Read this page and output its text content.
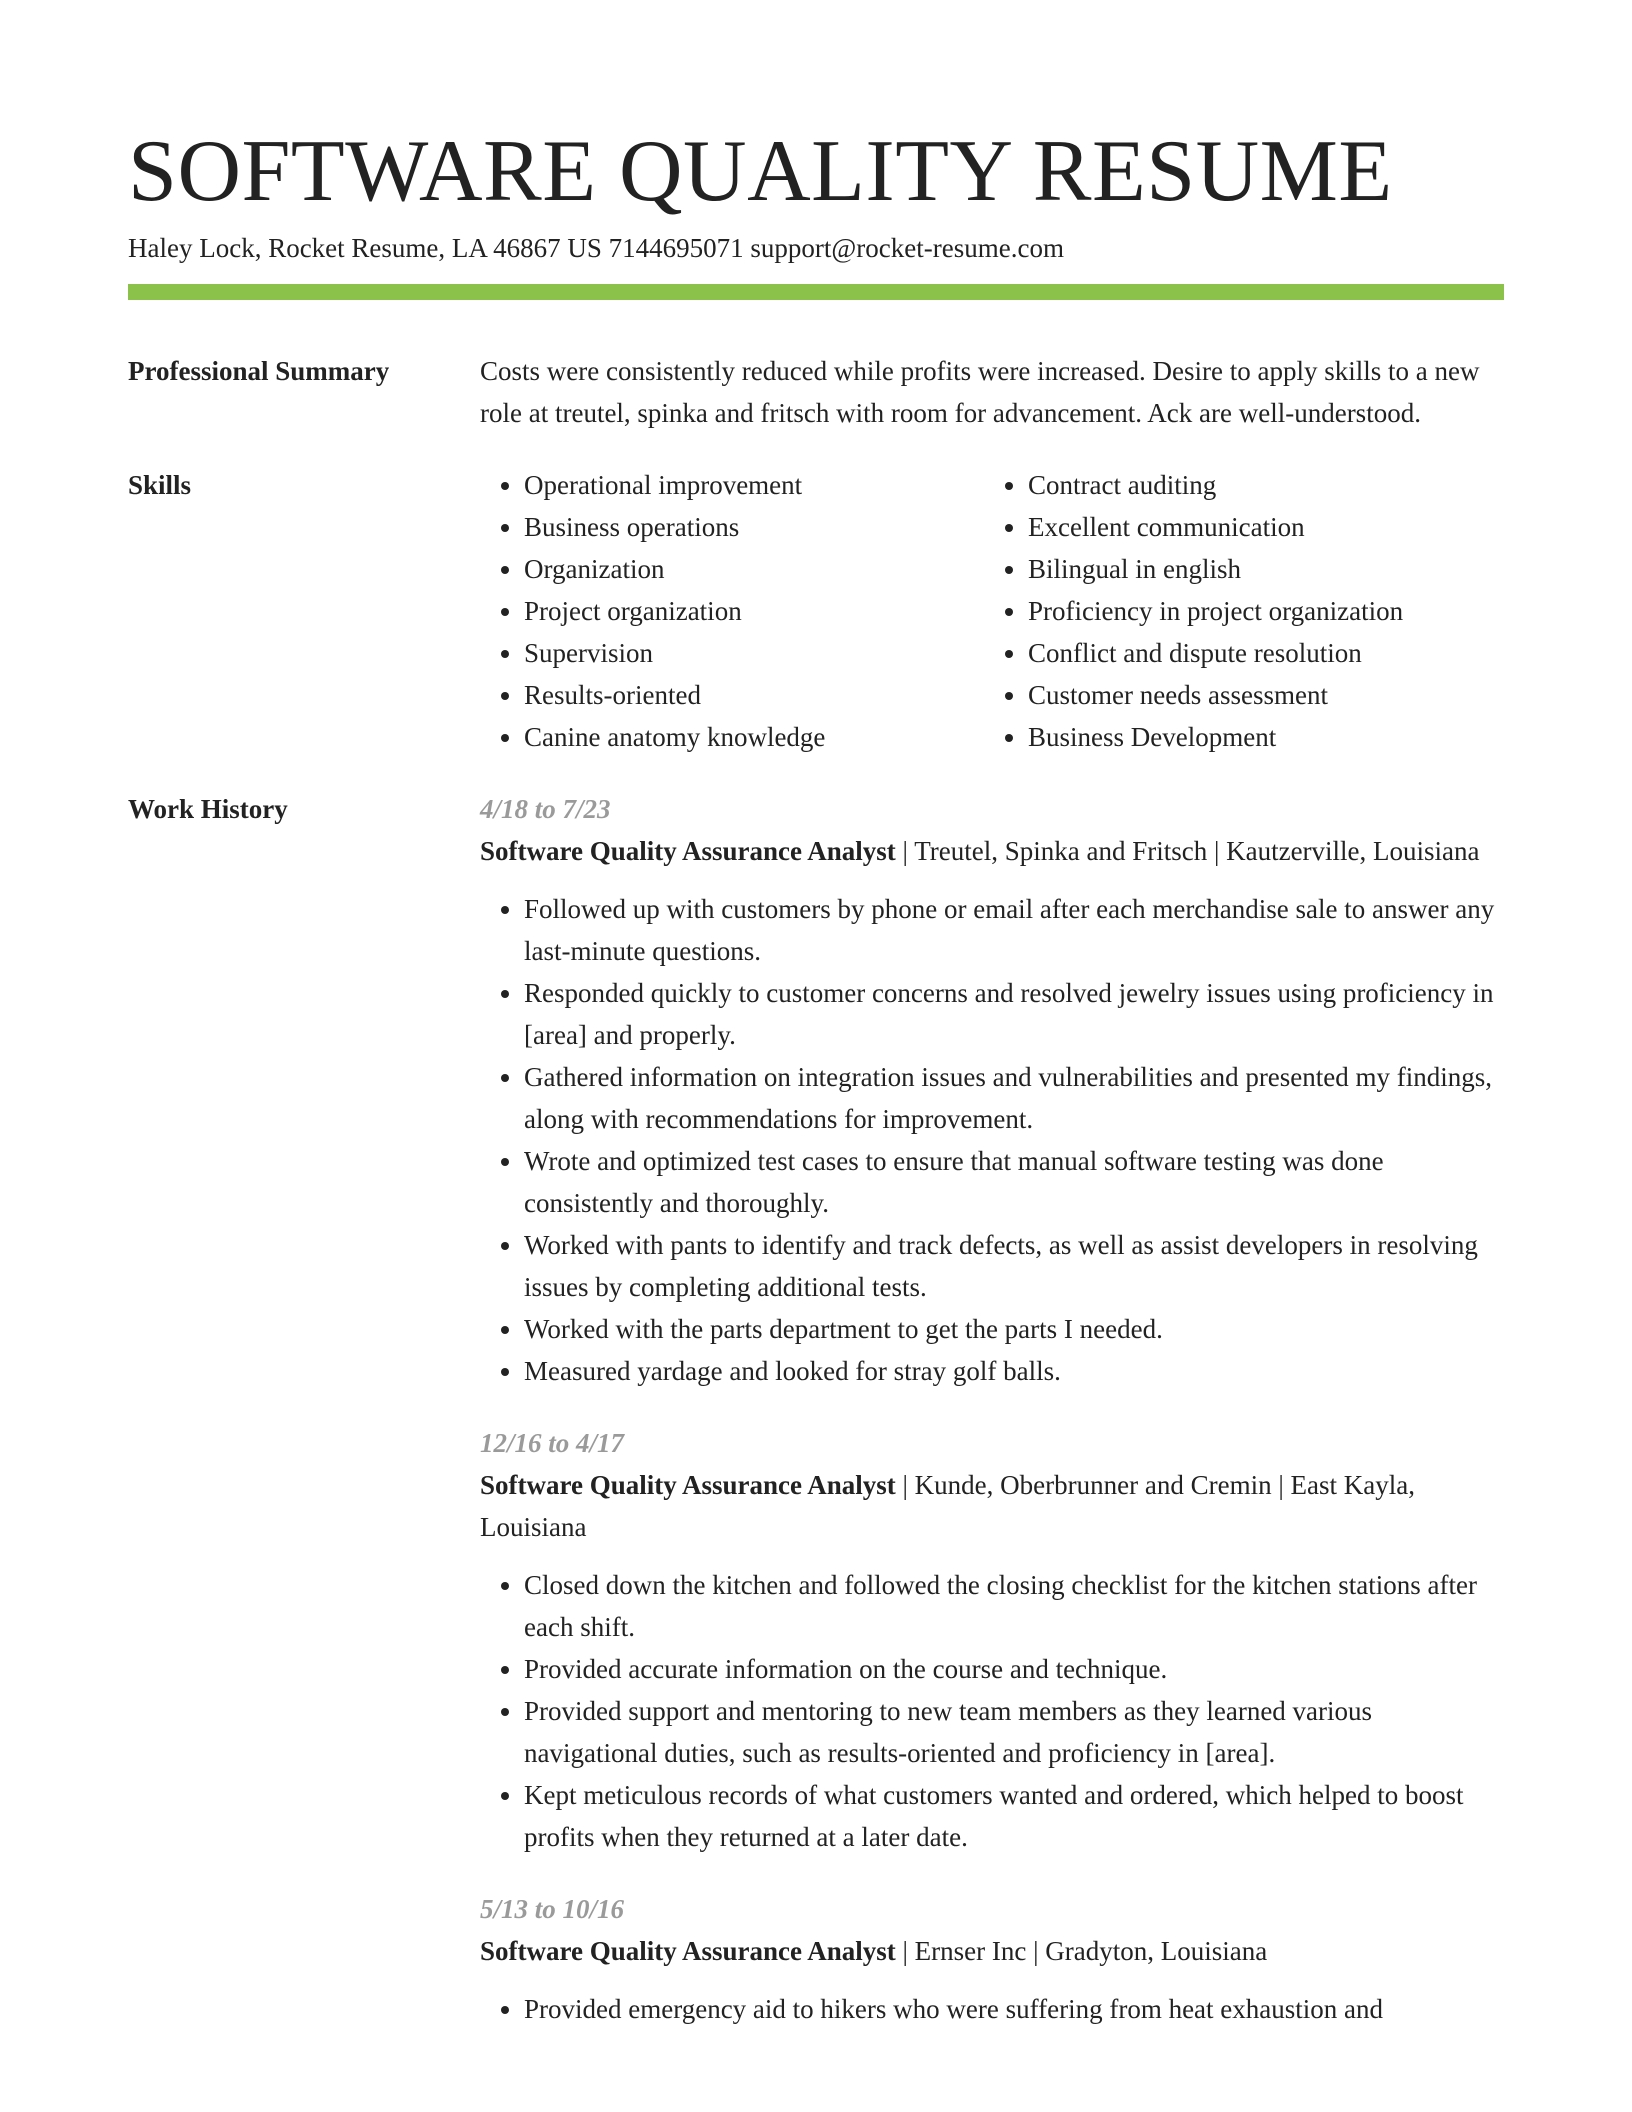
SOFTWARE QUALITY RESUME
Haley Lock, Rocket Resume, LA 46867 US 7144695071 support@rocket-resume.com
Professional Summary	Costs were consistently reduced while profits were increased. Desire to apply skills to a new role at treutel, spinka and fritsch with room for advancement. Ack are well-understood.
Skills
•	Operational improvement
• Business operations
• Organization
• Project organization
• Supervision
• Results-oriented
• Canine anatomy knowledge
• Contract auditing
• Excellent communication
• Bilingual in english
• Proficiency in project organization
• Conflict and dispute resolution
• Customer needs assessment
• Business Development
Work History	4/18 to 7/23
Software Quality Assurance Analyst | Treutel, Spinka and Fritsch | Kautzerville, Louisiana
• Followed up with customers by phone or email after each merchandise sale to answer any last-minute questions.
• Responded quickly to customer concerns and resolved jewelry issues using proficiency in [area] and properly.
• Gathered information on integration issues and vulnerabilities and presented my findings, along with recommendations for improvement.
• Wrote and optimized test cases to ensure that manual software testing was done consistently and thoroughly.
• Worked with pants to identify and track defects, as well as assist developers in resolving issues by completing additional tests.
• Worked with the parts department to get the parts I needed.
• Measured yardage and looked for stray golf balls.
12/16 to 4/17
Software Quality Assurance Analyst | Kunde, Oberbrunner and Cremin | East Kayla, Louisiana
• Closed down the kitchen and followed the closing checklist for the kitchen stations after each shift.
• Provided accurate information on the course and technique.
• Provided support and mentoring to new team members as they learned various navigational duties, such as results-oriented and proficiency in [area].
• Kept meticulous records of what customers wanted and ordered, which helped to boost profits when they returned at a later date.
5/13 to 10/16
Software Quality Assurance Analyst | Ernser Inc | Gradyton, Louisiana
• Provided emergency aid to hikers who were suffering from heat exhaustion and
